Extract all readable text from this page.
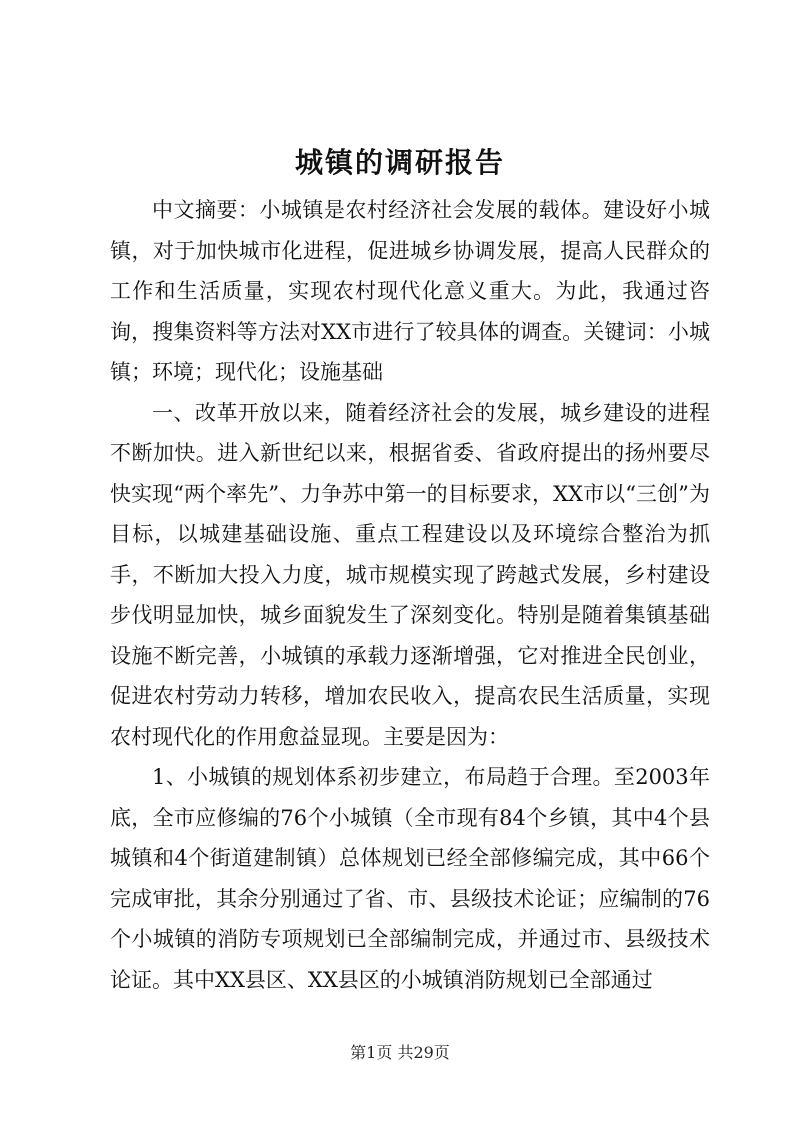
城镇的调研报告

中文摘要：小城镇是农村经济社会发展的载体。建设好小城镇，对于加快城市化进程，促进城乡协调发展，提高人民群众的工作和生活质量，实现农村现代化意义重大。为此，我通过咨询，搜集资料等方法对XX市进行了较具体的调查。关键词：小城镇；环境；现代化；设施基础

一、改革开放以来，随着经济社会的发展，城乡建设的进程不断加快。进入新世纪以来，根据省委、省政府提出的扬州要尽快实现“两个率先”、力争苏中第一的目标要求，XX市以“三创”为目标，以城建基础设施、重点工程建设以及环境综合整治为抓手，不断加大投入力度，城市规模实现了跨越式发展，乡村建设步伐明显加快，城乡面貌发生了深刻变化。特别是随着集镇基础设施不断完善，小城镇的承载力逐渐增强，它对推进全民创业，促进农村劳动力转移，增加农民收入，提高农民生活质量，实现农村现代化的作用愈益显现。主要是因为：

1、小城镇的规划体系初步建立，布局趋于合理。至2003年底，全市应修编的76个小城镇（全市现有84个乡镇，其中4个县城镇和4个街道建制镇）总体规划已经全部修编完成，其中66个完成审批，其余分别通过了省、市、县级技术论证；应编制的76个小城镇的消防专项规划已全部编制完成，并通过市、县级技术论证。其中XX县区、XX县区的小城镇消防规划已全部通过

第1页 共29页
